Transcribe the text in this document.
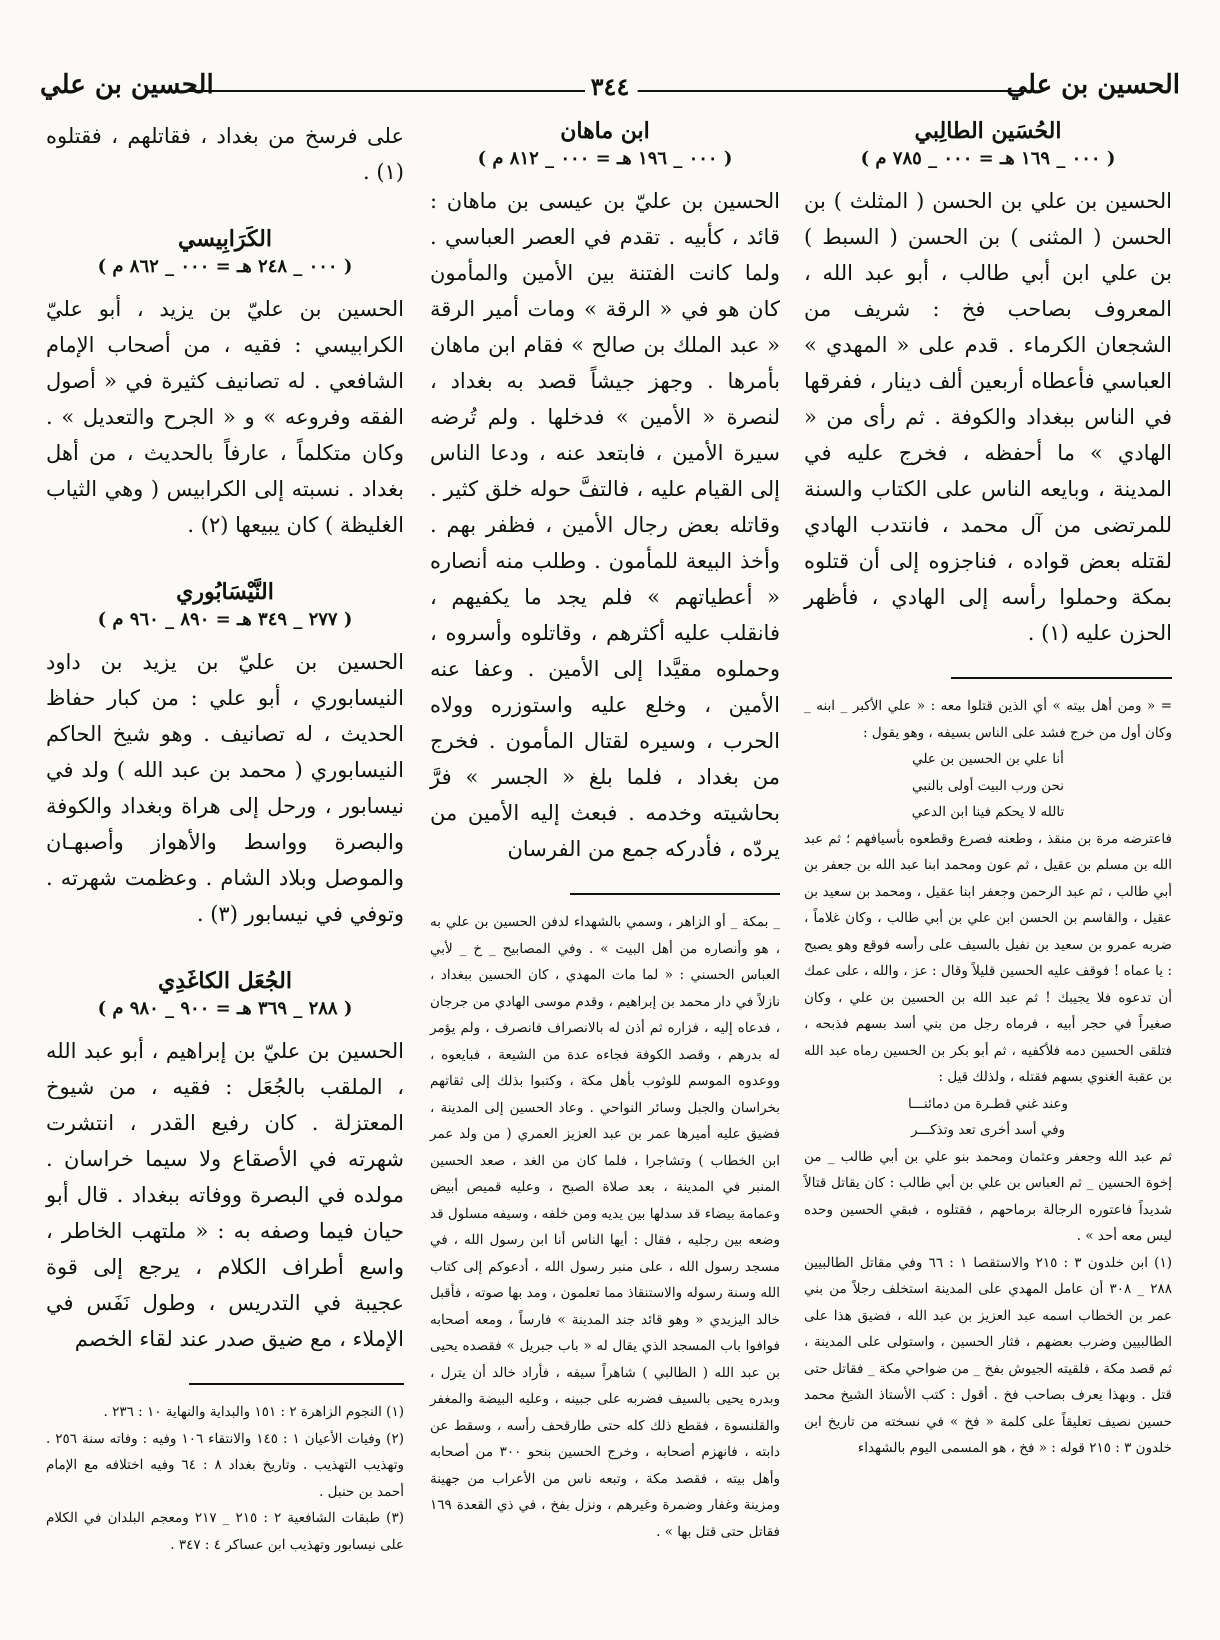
الحسين بن علي
٣٤٤
الحسين بن علي

الحُسَين الطالِبي

( ٠٠٠ _ ١٦٩ هـ = ٠٠٠ _ ٧٨٥ م )

الحسين بن علي بن الحسن ( المثلث ) بن الحسن ( المثنى ) بن الحسن ( السبط ) بن علي ابن أبي طالب ، أبو عبد الله ، المعروف بصاحب فخ : شريف من الشجعان الكرماء . قدم على « المهدي » العباسي فأعطاه أربعين ألف دينار ، ففرقها في الناس ببغداد والكوفة . ثم رأى من « الهادي » ما أحفظه ، فخرج عليه في المدينة ، وبايعه الناس على الكتاب والسنة للمرتضى من آل محمد ، فانتدب الهادي لقتله بعض قواده ، فناجزوه إلى أن قتلوه بمكة وحملوا رأسه إلى الهادي ، فأظهر الحزن عليه (١) .

= « ومن أهل بيته » أي الذين قتلوا معه : « علي الأكبر _ ابنه _ وكان أول من خرج فشد على الناس بسيفه ، وهو يقول :

أنا علي بن الحسين بن علي

نحن ورب البيت أولى بالنبي

تالله لا يحكم فينا ابن الدعي

فاعترضه مرة بن منقذ ، وطعنه فصرع وقطعوه بأسيافهم ؛ ثم عبد الله بن مسلم بن عقيل ، ثم عون ومحمد ابنا عبد الله بن جعفر بن أبي طالب ، ثم عبد الرحمن وجعفر ابنا عقيل ، ومحمد بن سعيد بن عقيل ، والقاسم بن الحسن ابن علي بن أبي طالب ، وكان غلاماً ، ضربه عمرو بن سعيد بن نفيل بالسيف على رأسه فوقع وهو يصيح : يا عماه ! فوقف عليه الحسين قليلاً وقال : عز ، والله ، على عمك أن تدعوه فلا يجيبك ! ثم عبد الله بن الحسين بن علي ، وكان صغيراً في حجر أبيه ، فرماه رجل من بني أسد بسهم فذبحه ، فتلقى الحسين دمه فلأكفيه ، ثم أبو بكر بن الحسين رماه عبد الله بن عقبة الغنوي بسهم فقتله ، ولذلك قيل :

وعند غني قطـرة من دمائنـــا

وفي أسد أخرى تعد وتذكـــر

ثم عبد الله وجعفر وعثمان ومحمد بنو علي بن أبي طالب _ من إخوة الحسين _ ثم العباس بن علي بن أبي طالب : كان يقاتل قتالاً شديداً فاعتوره الرجالة برماحهم ، فقتلوه ، فبقي الحسين وحده ليس معه أحد » .

(١) ابن خلدون ٣ : ٢١٥ والاستقصا ١ : ٦٦ وفي مقاتل الطالبيين ٢٨٨ _ ٣٠٨ أن عامل المهدي على المدينة استخلف رجلاً من بني عمر بن الخطاب اسمه عبد العزيز بن عبد الله ، فضيق هذا على الطالبيين وضرب بعضهم ، فثار الحسين ، واستولى على المدينة ، ثم قصد مكة ، فلقيته الجيوش بفخ _ من ضواحي مكة _ فقاتل حتى قتل . وبهذا يعرف بصاحب فخ . أقول : كتب الأستاذ الشيخ محمد حسين نصيف تعليقاً على كلمة « فخ » في نسخته من تاريخ ابن خلدون ٣ : ٢١٥ قوله : « فخ ، هو المسمى اليوم بالشهداء

ابن ماهان

( ٠٠٠ _ ١٩٦ هـ = ٠٠٠ _ ٨١٢ م )

الحسين بن عليّ بن عيسى بن ماهان : قائد ، كأبيه . تقدم في العصر العباسي . ولما كانت الفتنة بين الأمين والمأمون كان هو في « الرقة » ومات أمير الرقة « عبد الملك بن صالح » فقام ابن ماهان بأمرها . وجهز جيشاً قصد به بغداد ، لنصرة « الأمين » فدخلها . ولم تُرضه سيرة الأمين ، فابتعد عنه ، ودعا الناس إلى القيام عليه ، فالتفَّ حوله خلق كثير . وقاتله بعض رجال الأمين ، فظفر بهم . وأخذ البيعة للمأمون . وطلب منه أنصاره « أعطياتهم » فلم يجد ما يكفيهم ، فانقلب عليه أكثرهم ، وقاتلوه وأسروه ، وحملوه مقيَّدا إلى الأمين . وعفا عنه الأمين ، وخلع عليه واستوزره وولاه الحرب ، وسيره لقتال المأمون . فخرج من بغداد ، فلما بلغ « الجسر » فرَّ بحاشيته وخدمه . فبعث إليه الأمين من يردّه ، فأدركه جمع من الفرسان

_ بمكة _ أو الزاهر ، وسمي بالشهداء لدفن الحسين بن علي به ، هو وأنصاره من أهل البيت » . وفي المصابيح _ خ _ لأبي العباس الحسني : « لما مات المهدي ، كان الحسين ببغداد ، نازلاً في دار محمد بن إبراهيم ، وقدم موسى الهادي من جرجان ، فدعاه إليه ، فزاره ثم أذن له بالانصراف فانصرف ، ولم يؤمر له بدرهم ، وقصد الكوفة فجاءه عدة من الشيعة ، فبايعوه ، ووعدوه الموسم للوثوب بأهل مكة ، وكتبوا بذلك إلى ثقاتهم بخراسان والجبل وسائر النواحي . وعاد الحسين إلى المدينة ، فضيق عليه أميرها عمر بن عبد العزيز العمري ( من ولد عمر ابن الخطاب ) وتشاجرا ، فلما كان من الغد ، صعد الحسين المنبر في المدينة ، بعد صلاة الصبح ، وعليه قميص أبيض وعمامة بيضاء قد سدلها بين يديه ومن خلفه ، وسيفه مسلول قد وضعه بين رجليه ، فقال : أيها الناس أنا ابن رسول الله ، في مسجد رسول الله ، على منبر رسول الله ، أدعوكم إلى كتاب الله وسنة رسوله والاستنقاذ مما تعلمون ، ومد بها صوته ، فأقبل خالد اليزيدي « وهو قائد جند المدينة » فارساً ، ومعه أصحابه فوافوا باب المسجد الذي يقال له « باب جبريل » فقصده يحيى بن عبد الله ( الطالبي ) شاهراً سيفه ، فأراد خالد أن يترل ، وبدره يحيى بالسيف فضربه على جبينه ، وعليه البيضة والمغفر والقلنسوة ، فقطع ذلك كله حتى طارقحف رأسه ، وسقط عن دابته ، فانهزم أصحابه ، وخرج الحسين بنحو ٣٠٠ من أصحابه وأهل بيته ، فقصد مكة ، وتبعه ناس من الأعراب من جهينة ومزينة وغفار وضمرة وغيرهم ، ونزل بفخ ، في ذي القعدة ١٦٩ فقاتل حتى قتل بها » .

على فرسخ من بغداد ، فقاتلهم ، فقتلوه (١) .

الكَرَابِيسي

( ٠٠٠ _ ٢٤٨ هـ = ٠٠٠ _ ٨٦٢ م )

الحسين بن عليّ بن يزيد ، أبو عليّ الكرابيسي : فقيه ، من أصحاب الإمام الشافعي . له تصانيف كثيرة في « أصول الفقه وفروعه » و « الجرح والتعديل » . وكان متكلماً ، عارفاً بالحديث ، من أهل بغداد . نسبته إلى الكرابيس ( وهي الثياب الغليظة ) كان يبيعها (٢) .

النَّيْسَابُوري

( ٢٧٧ _ ٣٤٩ هـ = ٨٩٠ _ ٩٦٠ م )

الحسين بن عليّ بن يزيد بن داود النيسابوري ، أبو علي : من كبار حفاظ الحديث ، له تصانيف . وهو شيخ الحاكم النيسابوري ( محمد بن عبد الله ) ولد في نيسابور ، ورحل إلى هراة وبغداد والكوفة والبصرة وواسط والأهواز وأصبهـان والموصل وبلاد الشام . وعظمت شهرته . وتوفي في نيسابور (٣) .

الجُعَل الكاغَدِي

( ٢٨٨ _ ٣٦٩ هـ = ٩٠٠ _ ٩٨٠ م )

الحسين بن عليّ بن إبراهيم ، أبو عبد الله ، الملقب بالجُعَل : فقيه ، من شيوخ المعتزلة . كان رفيع القدر ، انتشرت شهرته في الأصقاع ولا سيما خراسان . مولده في البصرة ووفاته ببغداد . قال أبو حيان فيما وصفه به : « ملتهب الخاطر ، واسع أطراف الكلام ، يرجع إلى قوة عجيبة في التدريس ، وطول نَفَس في الإملاء ، مع ضيق صدر عند لقاء الخصم

(١) النجوم الزاهرة ٢ : ١٥١ والبداية والنهاية ١٠ : ٢٣٦ .

(٢) وفيات الأعيان ١ : ١٤٥ والانتقاء ١٠٦ وفيه : وفاته سنة ٢٥٦ . وتهذيب التهذيب . وتاريخ بغداد ٨ : ٦٤ وفيه اختلافه مع الإمام أحمد بن حنبل .

(٣) طبقات الشافعية ٢ : ٢١٥ _ ٢١٧ ومعجم البلدان في الكلام على نيسابور وتهذيب ابن عساكر ٤ : ٣٤٧ .
